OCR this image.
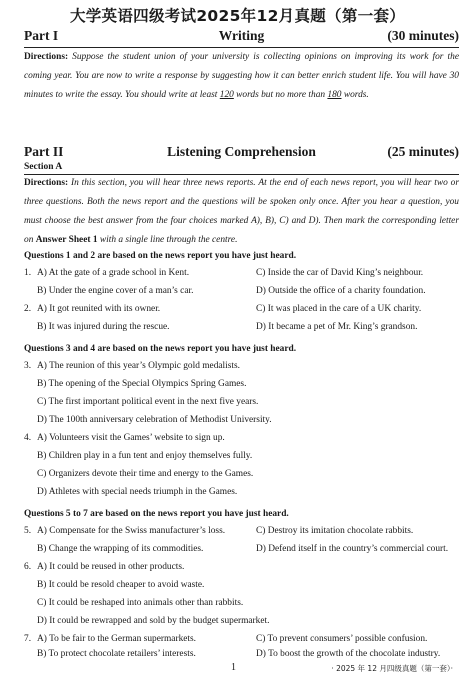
大学英语四级考试2025年12月真题（第一套）
Part I	Writing	(30 minutes)
Directions: Suppose the student union of your university is collecting opinions on improving its work for the coming year. You are now to write a response by suggesting how it can better enrich student life. You will have 30 minutes to write the essay. You should write at least 120 words but no more than 180 words.
Part II	Listening Comprehension	(25 minutes)
Section A
Directions: In this section, you will hear three news reports. At the end of each news report, you will hear two or three questions. Both the news report and the questions will be spoken only once. After you hear a question, you must choose the best answer from the four choices marked A), B), C) and D). Then mark the corresponding letter on Answer Sheet 1 with a single line through the centre.
Questions 1 and 2 are based on the news report you have just heard.
1. A) At the gate of a grade school in Kent.	C) Inside the car of David King’s neighbour.
B) Under the engine cover of a man’s car.	D) Outside the office of a charity foundation.
2. A) It got reunited with its owner.	C) It was placed in the care of a UK charity.
B) It was injured during the rescue.	D) It became a pet of Mr. King’s grandson.
Questions 3 and 4 are based on the news report you have just heard.
3. A) The reunion of this year’s Olympic gold medalists.
B) The opening of the Special Olympics Spring Games.
C) The first important political event in the next five years.
D) The 100th anniversary celebration of Methodist University.
4. A) Volunteers visit the Games’ website to sign up.
B) Children play in a fun tent and enjoy themselves fully.
C) Organizers devote their time and energy to the Games.
D) Athletes with special needs triumph in the Games.
Questions 5 to 7 are based on the news report you have just heard.
5. A) Compensate for the Swiss manufacturer’s loss.	C) Destroy its imitation chocolate rabbits.
B) Change the wrapping of its commodities.	D) Defend itself in the country’s commercial court.
6. A) It could be reused in other products.
B) It could be resold cheaper to avoid waste.
C) It could be reshaped into animals other than rabbits.
D) It could be rewrapped and sold by the budget supermarket.
7. A) To be fair to the German supermarkets.	C) To prevent consumers’ possible confusion.
B) To protect chocolate retailers’ interests.	D) To boost the growth of the chocolate industry.
1	· 2025 年 12 月四级真题（第一套）·
